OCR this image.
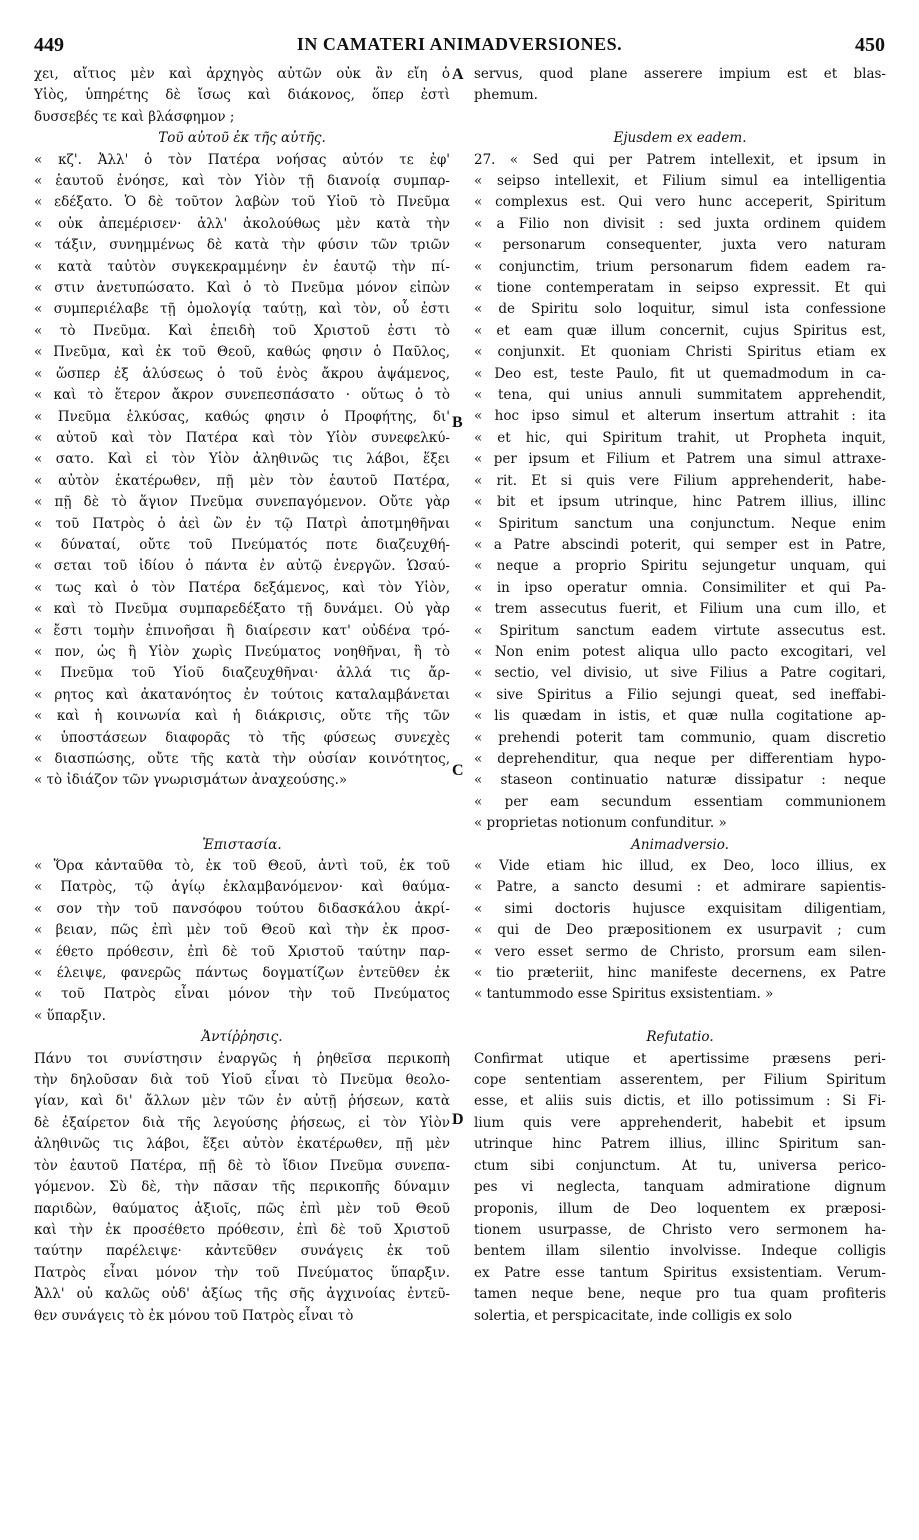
449	IN CAMATERI ANIMADVERSIONES.	450
χει, αἴτιος μὲν καὶ ἀρχηγὸς αὐτῶν οὐκ ἂν εἴη ὁ
Υἱὸς, ὑπηρέτης δὲ ἴσως καὶ διάκονος, ὅπερ ἐστὶ
δυσσεβές τε καὶ βλάσφημον ;
Τοῦ αὐτοῦ ἐκ τῆς αὐτῆς.
« κζ'. Ἀλλ' ὁ τὸν Πατέρα νοήσας αὐτόν τε ἐφ'
« ἑαυτοῦ ἐνόησε, καὶ τὸν Υἱὸν τῇ διανοίᾳ συμπαρ-
« εδέξατο. Ὁ δὲ τοῦτον λαβὼν τοῦ Υἱοῦ τὸ Πνεῦμα
« οὐκ ἀπεμέρισεν· ἀλλ' ἀκολούθως μὲν κατὰ τὴν
« τάξιν, συνημμένως δὲ κατὰ τὴν φύσιν τῶν τριῶν
« κατὰ ταὐτὸν συγκεκραμμένην ἐν ἑαυτῷ τὴν πί-
« στιν ἀνετυπώσατο. Καὶ ὁ τὸ Πνεῦμα μόνον εἰπὼν
« συμπεριέλαβε τῇ ὁμολογίᾳ ταύτῃ, καὶ τὸν, οὗ ἐστι
« τὸ Πνεῦμα. Καὶ ἐπειδὴ τοῦ Χριστοῦ ἐστι τὸ
« Πνεῦμα, καὶ ἐκ τοῦ Θεοῦ, καθώς φησιν ὁ Παῦλος,
« ὥσπερ ἐξ ἁλύσεως ὁ τοῦ ἑνὸς ἄκρου ἀψάμενος,
« καὶ τὸ ἕτερον ἄκρον συνεπεσπάσατο · οὕτως ὁ τὸ
« Πνεῦμα ἑλκύσας, καθώς φησιν ὁ Προφήτης, δι'
« αὐτοῦ καὶ τὸν Πατέρα καὶ τὸν Υἱὸν συνεφελκύ-
« σατο. Καὶ εἰ τὸν Υἱὸν ἀληθινῶς τις λάβοι, ἕξει
« αὐτὸν ἑκατέρωθεν, πῇ μὲν τὸν ἑαυτοῦ Πατέρα,
« πῇ δὲ τὸ ἅγιον Πνεῦμα συνεπαγόμενον. Οὔτε γὰρ
« τοῦ Πατρὸς ὁ ἀεὶ ὢν ἐν τῷ Πατρὶ ἀποτμηθῆναι
« δύναταί, οὔτε τοῦ Πνεύματός ποτε διαζευχθή-
« σεται τοῦ ἰδίου ὁ πάντα ἐν αὐτῷ ἐνεργῶν. Ὡσαύ-
« τως καὶ ὁ τὸν Πατέρα δεξάμενος, καὶ τὸν Υἱὸν,
« καὶ τὸ Πνεῦμα συμπαρεδέξατο τῇ δυνάμει. Οὐ γὰρ
« ἔστι τομὴν ἐπινοῆσαι ἢ διαίρεσιν κατ' οὐδένα τρό-
« πον, ὡς ἢ Υἱὸν χωρὶς Πνεύματος νοηθῆναι, ἢ τὸ
« Πνεῦμα τοῦ Υἱοῦ διαζευχθῆναι· ἀλλά τις ἄρ-
« ρητος καὶ ἀκατανόητος ἐν τούτοις καταλαμβάνεται
« καὶ ἡ κοινωνία καὶ ἡ διάκρισις, οὔτε τῆς τῶν
« ὑποστάσεων διαφορᾶς τὸ τῆς φύσεως συνεχὲς
« διασπώσης, οὔτε τῆς κατὰ τὴν οὐσίαν κοινότητος,
« τὸ ἰδιάζον τῶν γνωρισμάτων ἀναχεούσης.»
Ἐπιστασία.
« Ὅρα κἀνταῦθα τὸ, ἐκ τοῦ Θεοῦ, ἀντὶ τοῦ, ἐκ τοῦ
« Πατρὸς, τῷ ἁγίῳ ἐκλαμβανόμενον· καὶ θαύμα-
« σον τὴν τοῦ πανσόφου τούτου διδασκάλου ἀκρί-
« βειαν, πῶς ἐπὶ μὲν τοῦ Θεοῦ καὶ τὴν ἐκ προσ-
« έθετο πρόθεσιν, ἐπὶ δὲ τοῦ Χριστοῦ ταύτην παρ-
« έλειψε, φανερῶς πάντως δογματίζων ἐντεῦθεν ἐκ
« τοῦ Πατρὸς εἶναι μόνον τὴν τοῦ Πνεύματος
« ὕπαρξιν.
Ἀντίῤῥησις.
Πάνυ τοι συνίστησιν ἐναργῶς ἡ ῥηθεῖσα περικοπὴ
τὴν δηλοῦσαν διὰ τοῦ Υἱοῦ εἶναι τὸ Πνεῦμα θεολο-
γίαν, καὶ δι' ἄλλων μὲν τῶν ἐν αὐτῇ ῥήσεων, κατὰ
δὲ ἐξαίρετον διὰ τῆς λεγούσης ῥήσεως, εἰ τὸν Υἱὸν
ἀληθινῶς τις λάβοι, ἕξει αὐτὸν ἑκατέρωθεν, πῇ μὲν
τὸν ἑαυτοῦ Πατέρα, πῇ δὲ τὸ ἴδιον Πνεῦμα συνεπα-
γόμενον. Σὺ δὲ, τὴν πᾶσαν τῆς περικοπῆς δύναμιν
παριδὼν, θαύματος ἀξιοῖς, πῶς ἐπὶ μὲν τοῦ Θεοῦ
καὶ τὴν ἐκ προσέθετο πρόθεσιν, ἐπὶ δὲ τοῦ Χριστοῦ
ταύτην παρέλειψε· κἀντεῦθεν συνάγεις ἐκ τοῦ
Πατρὸς εἶναι μόνον τὴν τοῦ Πνεύματος ὕπαρξιν.
Ἀλλ' οὐ καλῶς οὐδ' ἀξίως τῆς σῆς ἀγχινοίας ἐντεῦ-
θεν συνάγεις τὸ ἐκ μόνου τοῦ Πατρὸς εἶναι τὸ
servus, quod plane asserere impium est et blas-
phemum.
Ejusdem ex eadem.
27. « Sed qui per Patrem intellexit, et ipsum in
« seipso intellexit, et Filium simul ea intelligentia
« complexus est. Qui vero hunc acceperit, Spiritum
« a Filio non divisit : sed juxta ordinem quidem
« personarum consequenter, juxta vero naturam
« conjunctim, trium personarum fidem eadem ra-
« tione contemperatam in seipso expressit. Et qui
« de Spiritu solo loquitur, simul ista confessione
« et eam quæ illum concernit, cujus Spiritus est,
« conjunxit. Et quoniam Christi Spiritus etiam ex
« Deo est, teste Paulo, fit ut quemadmodum in ca-
« tena, qui unius annuli summitatem apprehendit,
« hoc ipso simul et alterum insertum attrahit : ita
« et hic, qui Spiritum trahit, ut Propheta inquit,
« per ipsum et Filium et Patrem una simul attraxe-
« rit. Et si quis vere Filium apprehenderit, habe-
« bit et ipsum utrinque, hinc Patrem illius, illinc
« Spiritum sanctum una conjunctum. Neque enim
« a Patre abscindi poterit, qui semper est in Patre,
« neque a proprio Spiritu sejungetur unquam, qui
« in ipso operatur omnia. Consimiliter et qui Pa-
« trem assecutus fuerit, et Filium una cum illo, et
« Spiritum sanctum eadem virtute assecutus est.
« Non enim potest aliqua ullo pacto excogitari, vel
« sectio, vel divisio, ut sive Filius a Patre cogitari,
« sive Spiritus a Filio sejungi queat, sed ineffabi-
« lis quædam in istis, et quæ nulla cogitatione ap-
« prehendi poterit tam communio, quam discretio
« deprehenditur, qua neque per differentiam hypo-
« staseon continuatio naturæ dissipatur : neque
« per eam secundum essentiam communionem
« proprietas notionum confunditur. »
Animadversio.
« Vide etiam hic illud, ex Deo, loco illius, ex
« Patre, a sancto desumi : et admirare sapientis-
« simi doctoris hujusce exquisitam diligentiam,
« qui de Deo præpositionem ex usurpavit ; cum
« vero esset sermo de Christo, prorsum eam silen-
« tio præteriit, hinc manifeste decernens, ex Patre
« tantummodo esse Spiritus exsistentiam. »
Refutatio.
Confirmat utique et apertissime præsens peri-
copе sententiam asserentem, per Filium Spiritum
esse, et aliis suis dictis, et illo potissimum : Si Fi-
lium quis vere apprehenderit, habebit et ipsum
utrinque hinc Patrem illius, illinc Spiritum san-
ctum sibi conjunctum. At tu, universa perico-
pes vi neglecta, tanquam admiratione dignum
proponis, illum de Deo loquentem ex præposi-
tionem usurpasse, de Christo vero sermonem ha-
bentem illam silentio involvisse. Indeque colligis
ex Patre esse tantum Spiritus exsistentiam. Verum-
tamen neque bene, neque pro tua quam profiteris
solertia, et perspicacitate, inde colligis ex solo
A
B
C
D
